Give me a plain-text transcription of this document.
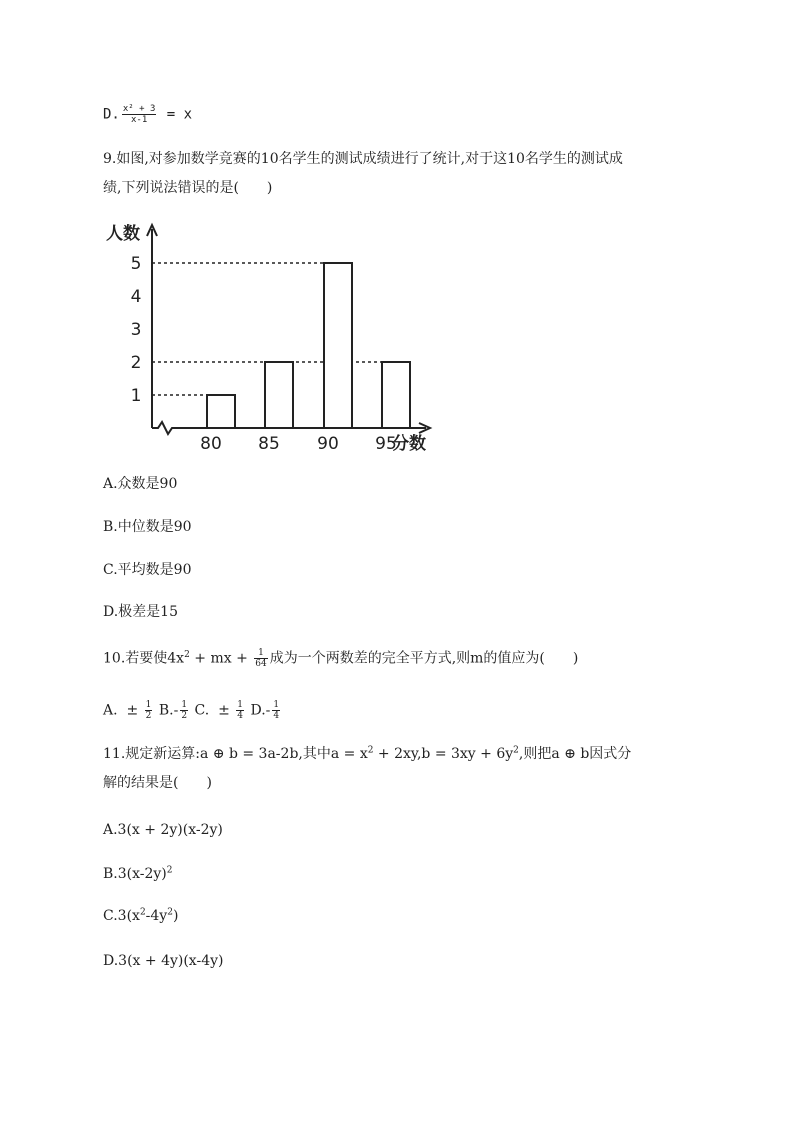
D. $\frac{\text{x² + 3}}{x-1} = x$
9.如图,对参加数学竞赛的10名学生的测试成绩进行了统计,对于这10名学生的测试成
绩,下列说法错误的是(　　)
人数
分数
1
2
3
4
5
80 85 90 95
A.众数是90
B.中位数是90
C.平均数是90
D.极差是15
10.若要使$4x^2$ + mx + $\frac{1}{64}$ 成为一个两数差的完全平方式,则m的值应为(　　)
A. ± $\frac{1}{2} B.- \frac{1}{2} C$. ± $\frac{1}{4} D.- \frac{1}{4}$
11.规定新运算:a ⊕ b = 3a-2b,其中$a = x^2 + 2xy,b = 3xy + 6y^2$,则把a ⊕ b因式分
解的结果是(　　)
A.3(x + 2y)(x-2y)
$B.3(x-2y)^2$
$C.3(x^2-4y^2)$
D.3(x + 4y)(x-4y)
